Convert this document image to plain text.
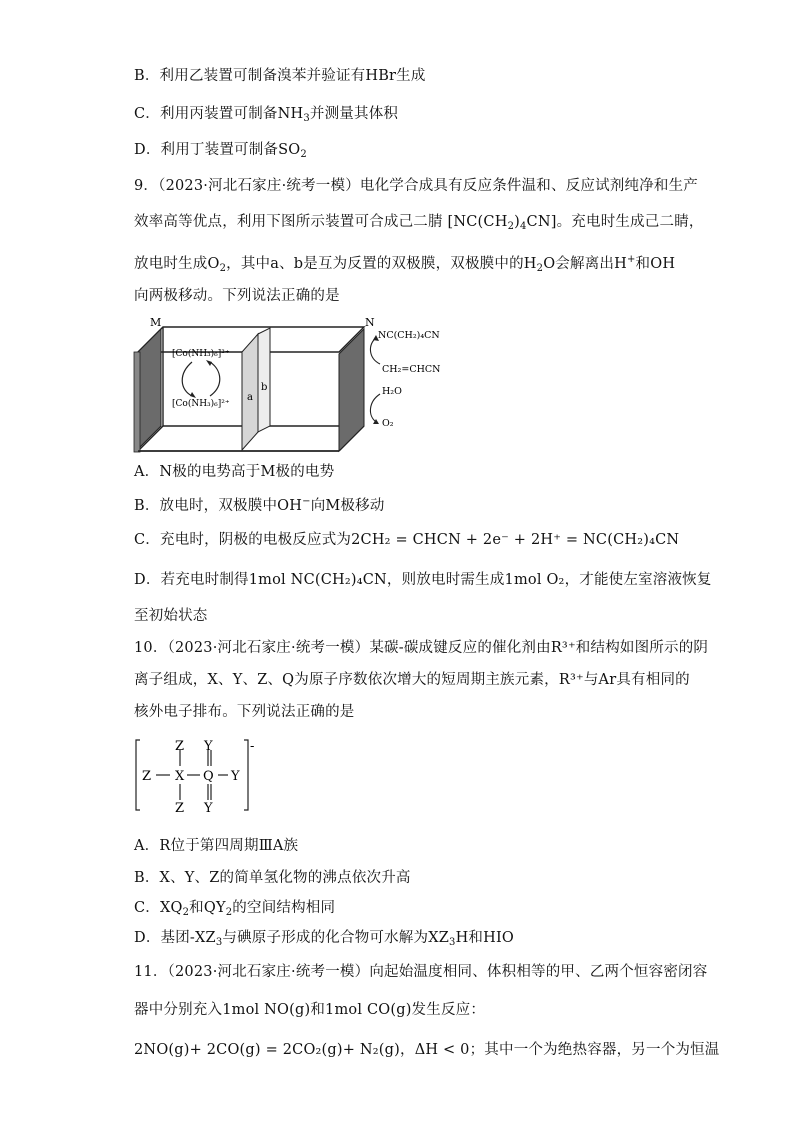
B．利用乙装置可制备溴苯并验证有HBr生成
C．利用丙装置可制备$NH_3$并测量其体积
D．利用丁装置可制备$SO_2$
9．（2023·河北石家庄·统考一模）电化学合成具有反应条件温和、反应试剂纯净和生产
效率高等优点，利用下图所示装置可合成己二腈 $[NC(CH_2)_4CN]$。充电时生成己二睛，
放电时生成$O_2$，其中a、b是互为反置的双极膜，双极膜中的$H_2O$会解离出H+和OH
向两极移动。下列说法正确的是
M	N
[Co(NH₃)₆]³⁺
[Co(NH₃)₆]²⁺
a
b
NC(CH₂)₄CN
CH₂=CHCN
H₂O
O₂
A．N极的电势高于M极的电势
B．放电时，双极膜中OH−向M极移动
C．充电时，阴极的电极反应式为2CH₂ = CHCN + 2e⁻ + 2H⁺ = NC(CH₂)₄CN
D．若充电时制得1mol NC(CH₂)₄CN，则放电时需生成1mol O₂，才能使左室溶液恢复
至初始状态
10．（2023·河北石家庄·统考一模）某碳-碳成键反应的催化剂由R³⁺和结构如图所示的阴
离子组成，X、Y、Z、Q为原子序数依次增大的短周期主族元素，R³⁺与Ar具有相同的
核外电子排布。下列说法正确的是
Z
Z
X
Z
Y
Q
Y
Y
-
A．R位于第四周期ⅢA族
B．X、Y、Z的简单氢化物的沸点依次升高
C．$XQ_2$和$QY_2$的空间结构相同
D．基团$-XZ_3$与碘原子形成的化合物可水解为$XZ_3H$和HIO
11．（2023·河北石家庄·统考一模）向起始温度相同、体积相等的甲、乙两个恒容密闭容
器中分别充入1mol NO(g)和1mol CO(g)发生反应：
2NO(g)+ 2CO(g) = 2CO₂(g)+ N₂(g)，ΔH < 0；其中一个为绝热容器，另一个为恒温
